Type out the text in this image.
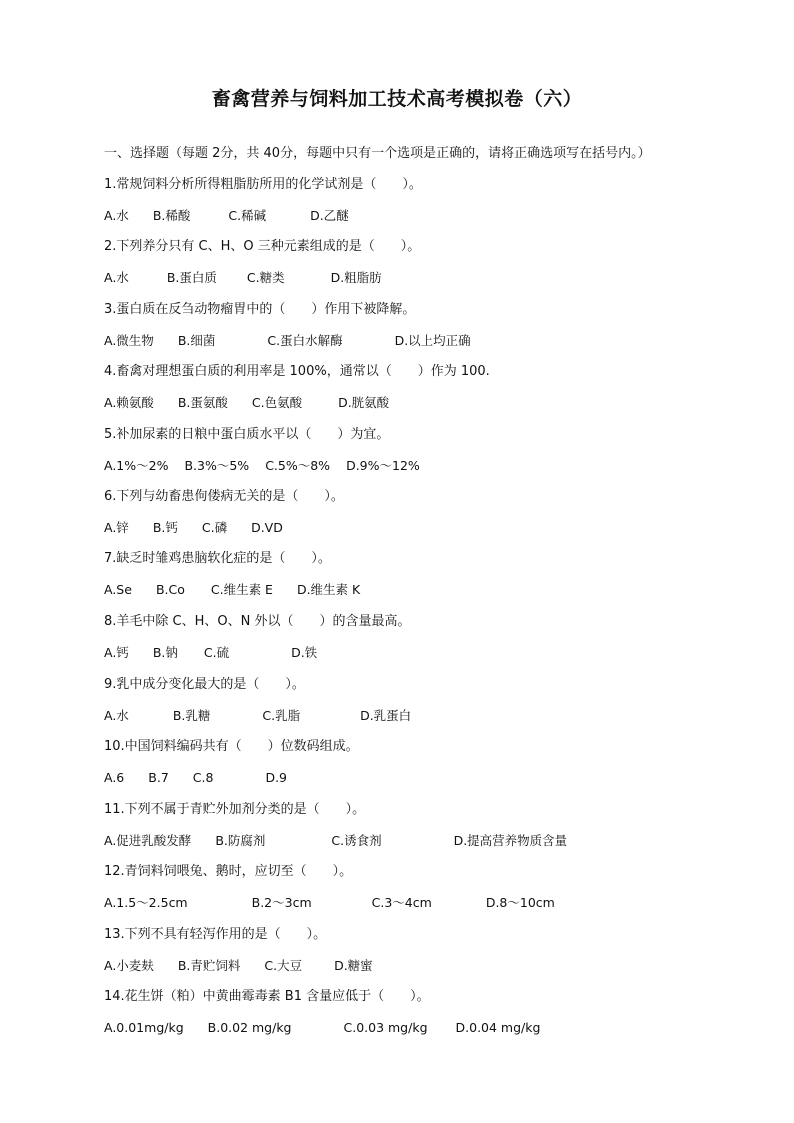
畜禽营养与饲料加工技术高考模拟卷（六）
一、选择题（每题 2分，共 40分，每题中只有一个选项是正确的，请将正确选项写在括号内。）
1.常规饲料分析所得粗脂肪所用的化学试剂是（　　）。
A.水 B.稀酸	C.稀碱	D.乙醚
2.下列养分只有 C、H、O 三种元素组成的是（　　）。
A.水	B.蛋白质 C.糖类	D.粗脂肪
3.蛋白质在反刍动物瘤胃中的（　　）作用下被降解。
A.微生物 B.细菌	C.蛋白水解酶	D.以上均正确
4.畜禽对理想蛋白质的利用率是 100%，通常以（　　）作为 100.
A.赖氨酸 B.蛋氨酸 C.色氨酸	D.胱氨酸
5.补加尿素的日粮中蛋白质水平以（　　）为宜。
A.1%～2% B.3%～5% C.5%～8% D.9%～12%
6.下列与幼畜患佝偻病无关的是（　　）。
A.锌 B.钙 C.磷 D.VD
7.缺乏时雏鸡患脑软化症的是（　　）。
A.Se B.Co C.维生素 E D.维生素 K
8.羊毛中除 C、H、O、N 外以（　　）的含量最高。
A.钙 B.钠 C.硫	D.铁
9.乳中成分变化最大的是（　　）。
A.水	B.乳糖	C.乳脂	D.乳蛋白
10.中国饲料编码共有（　　）位数码组成。
A.6 B.7 C.8	D.9
11.下列不属于青贮外加剂分类的是（　　）。
A.促进乳酸发酵 B.防腐剂	C.诱食剂	D.提高营养物质含量
12.青饲料饲喂兔、鹅时，应切至（　　）。
A.1.5～2.5cm	B.2～3cm	C.3～4cm	D.8～10cm
13.下列不具有轻泻作用的是（　　）。
A.小麦麸 B.青贮饲料 C.大豆	D.糖蜜
14.花生饼（粕）中黄曲霉毒素 B1 含量应低于（　　）。
A.0.01mg/kg B.0.02 mg/kg	C.0.03 mg/kg D.0.04 mg/kg
